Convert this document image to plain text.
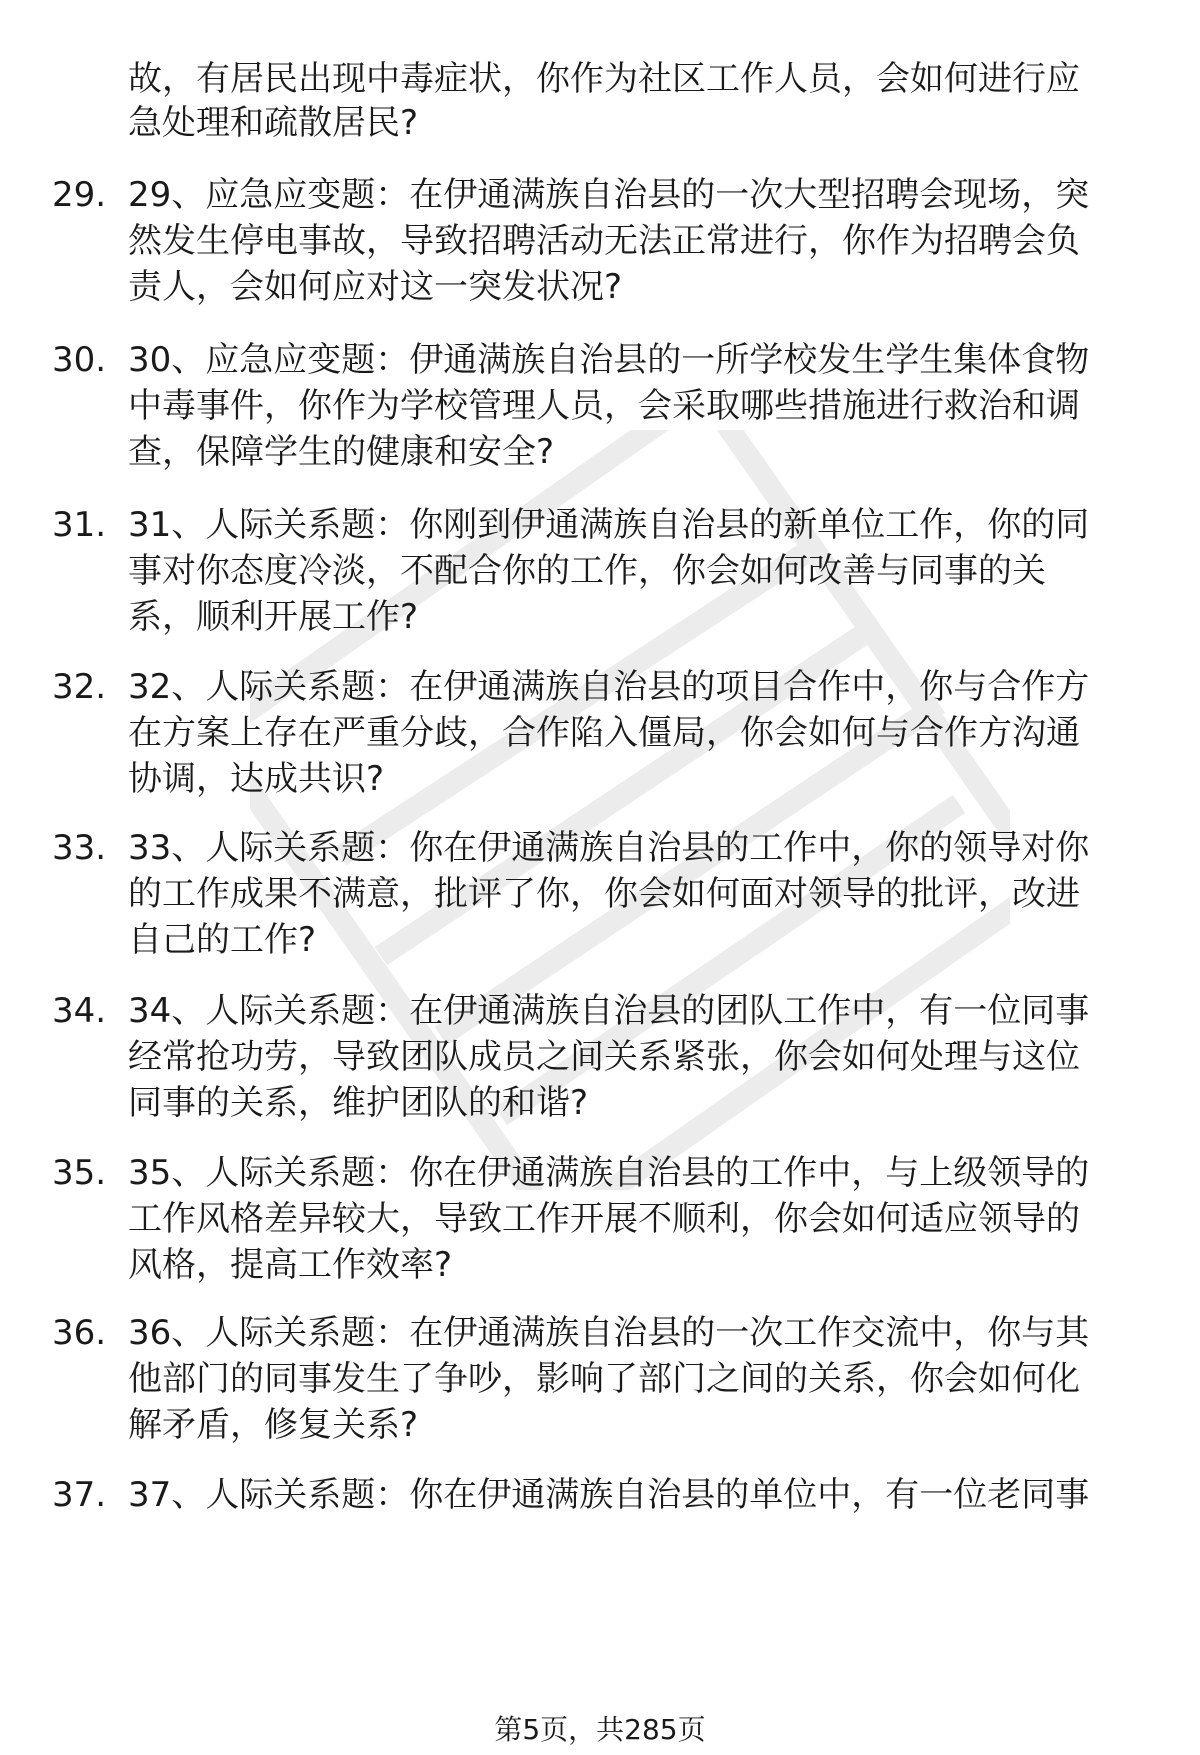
故，有居民出现中毒症状，你作为社区工作人员，会如何进行应
急处理和疏散居民?
29. 29、应急应变题：在伊通满族自治县的一次大型招聘会现场，突
然发生停电事故，导致招聘活动无法正常进行，你作为招聘会负
责人，会如何应对这一突发状况?
30. 30、应急应变题：伊通满族自治县的一所学校发生学生集体食物
中毒事件，你作为学校管理人员，会采取哪些措施进行救治和调
查，保障学生的健康和安全?
31. 31、人际关系题：你刚到伊通满族自治县的新单位工作，你的同
事对你态度冷淡，不配合你的工作，你会如何改善与同事的关
系，顺利开展工作?
32. 32、人际关系题：在伊通满族自治县的项目合作中，你与合作方
在方案上存在严重分歧，合作陷入僵局，你会如何与合作方沟通
协调，达成共识?
33. 33、人际关系题：你在伊通满族自治县的工作中，你的领导对你
的工作成果不满意，批评了你，你会如何面对领导的批评，改进
自己的工作?
34. 34、人际关系题：在伊通满族自治县的团队工作中，有一位同事
经常抢功劳，导致团队成员之间关系紧张，你会如何处理与这位
同事的关系，维护团队的和谐?
35. 35、人际关系题：你在伊通满族自治县的工作中，与上级领导的
工作风格差异较大，导致工作开展不顺利，你会如何适应领导的
风格，提高工作效率?
36. 36、人际关系题：在伊通满族自治县的一次工作交流中，你与其
他部门的同事发生了争吵，影响了部门之间的关系，你会如何化
解矛盾，修复关系?
37. 37、人际关系题：你在伊通满族自治县的单位中，有一位老同事
第5页，共285页
